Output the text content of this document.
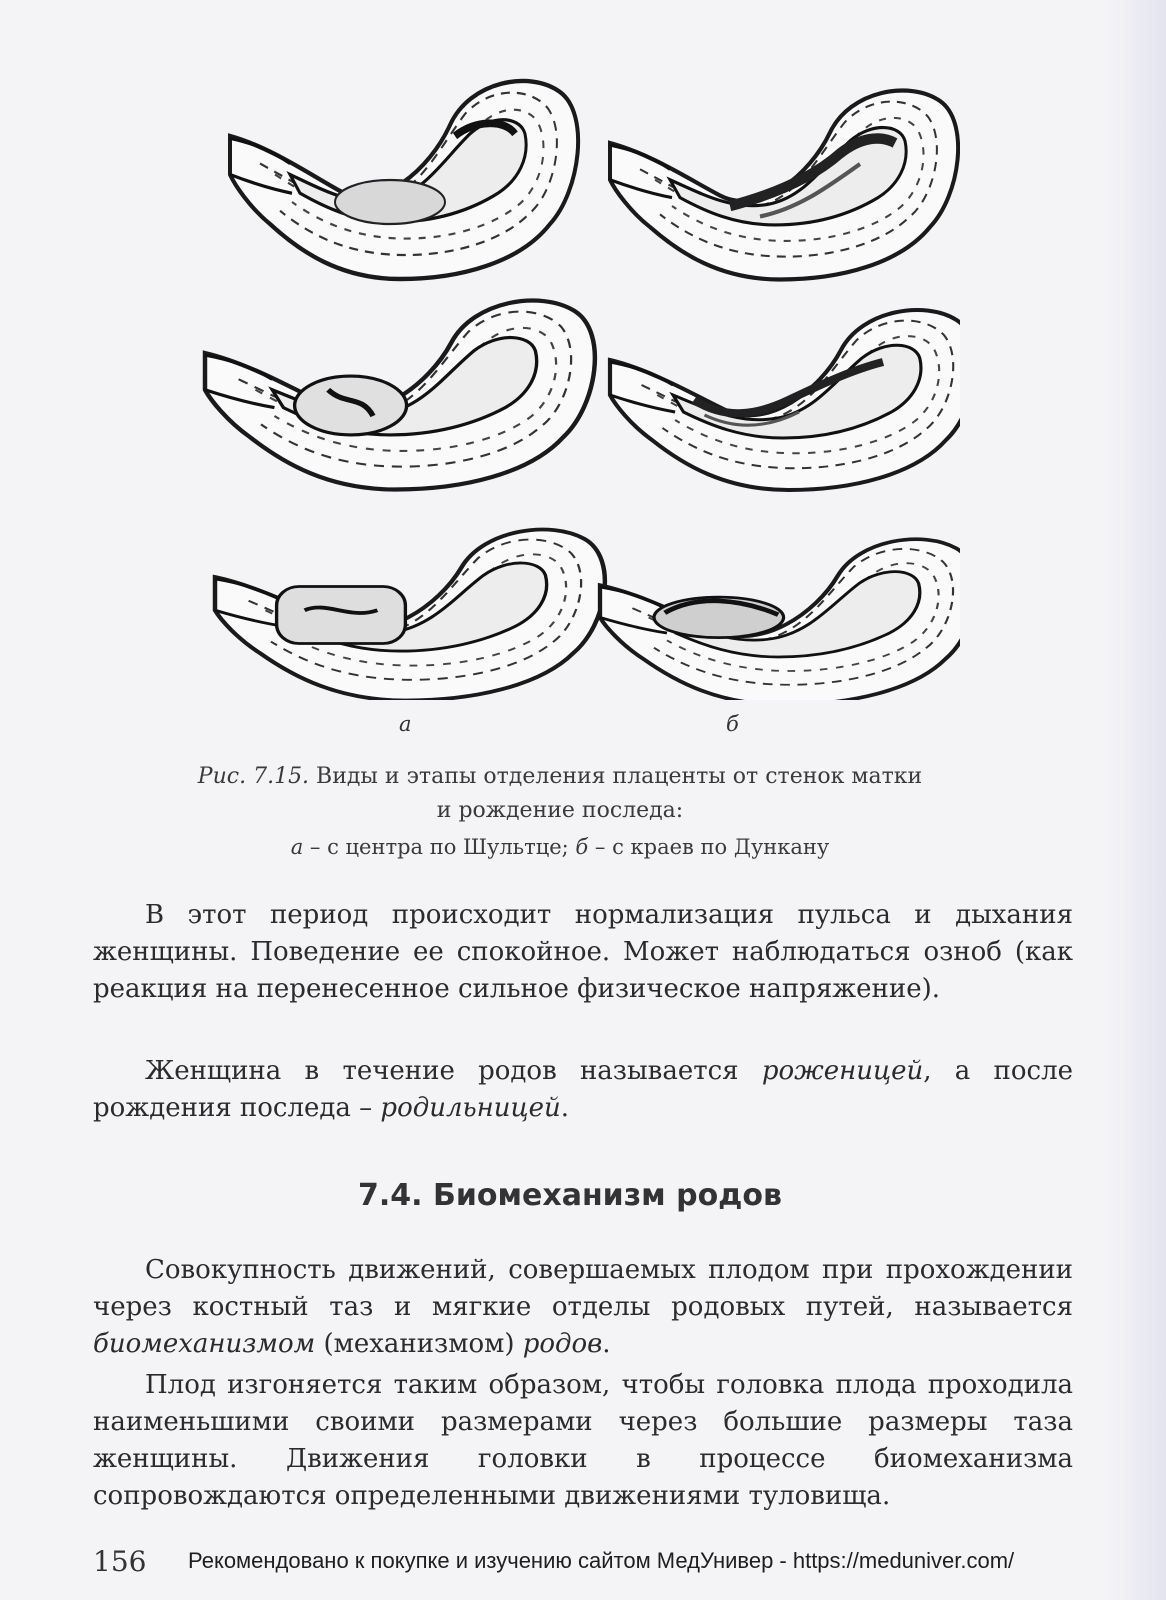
а	б
Рис. 7.15. Виды и этапы отделения плаценты от стенок матки
и рождение последа:
а – с центра по Шультце; б – с краев по Дункану

В этот период происходит нормализация пульса и дыхания женщины. Поведение ее спокойное. Может наблюдаться озноб (как реакция на перенесенное сильное физическое напряжение).

Женщина в течение родов называется роженицей, а после рождения последа – родильницей.

7.4. Биомеханизм родов

Совокупность движений, совершаемых плодом при прохождении через костный таз и мягкие отделы родовых путей, называется биомеханизмом (механизмом) родов.

Плод изгоняется таким образом, чтобы головка плода проходила наименьшими своими размерами через большие размеры таза женщины. Движения головки в процессе биомеханизма сопровождаются определенными движениями туловища.

156 Рекомендовано к покупке и изучению сайтом МедУнивер - https://meduniver.com/
